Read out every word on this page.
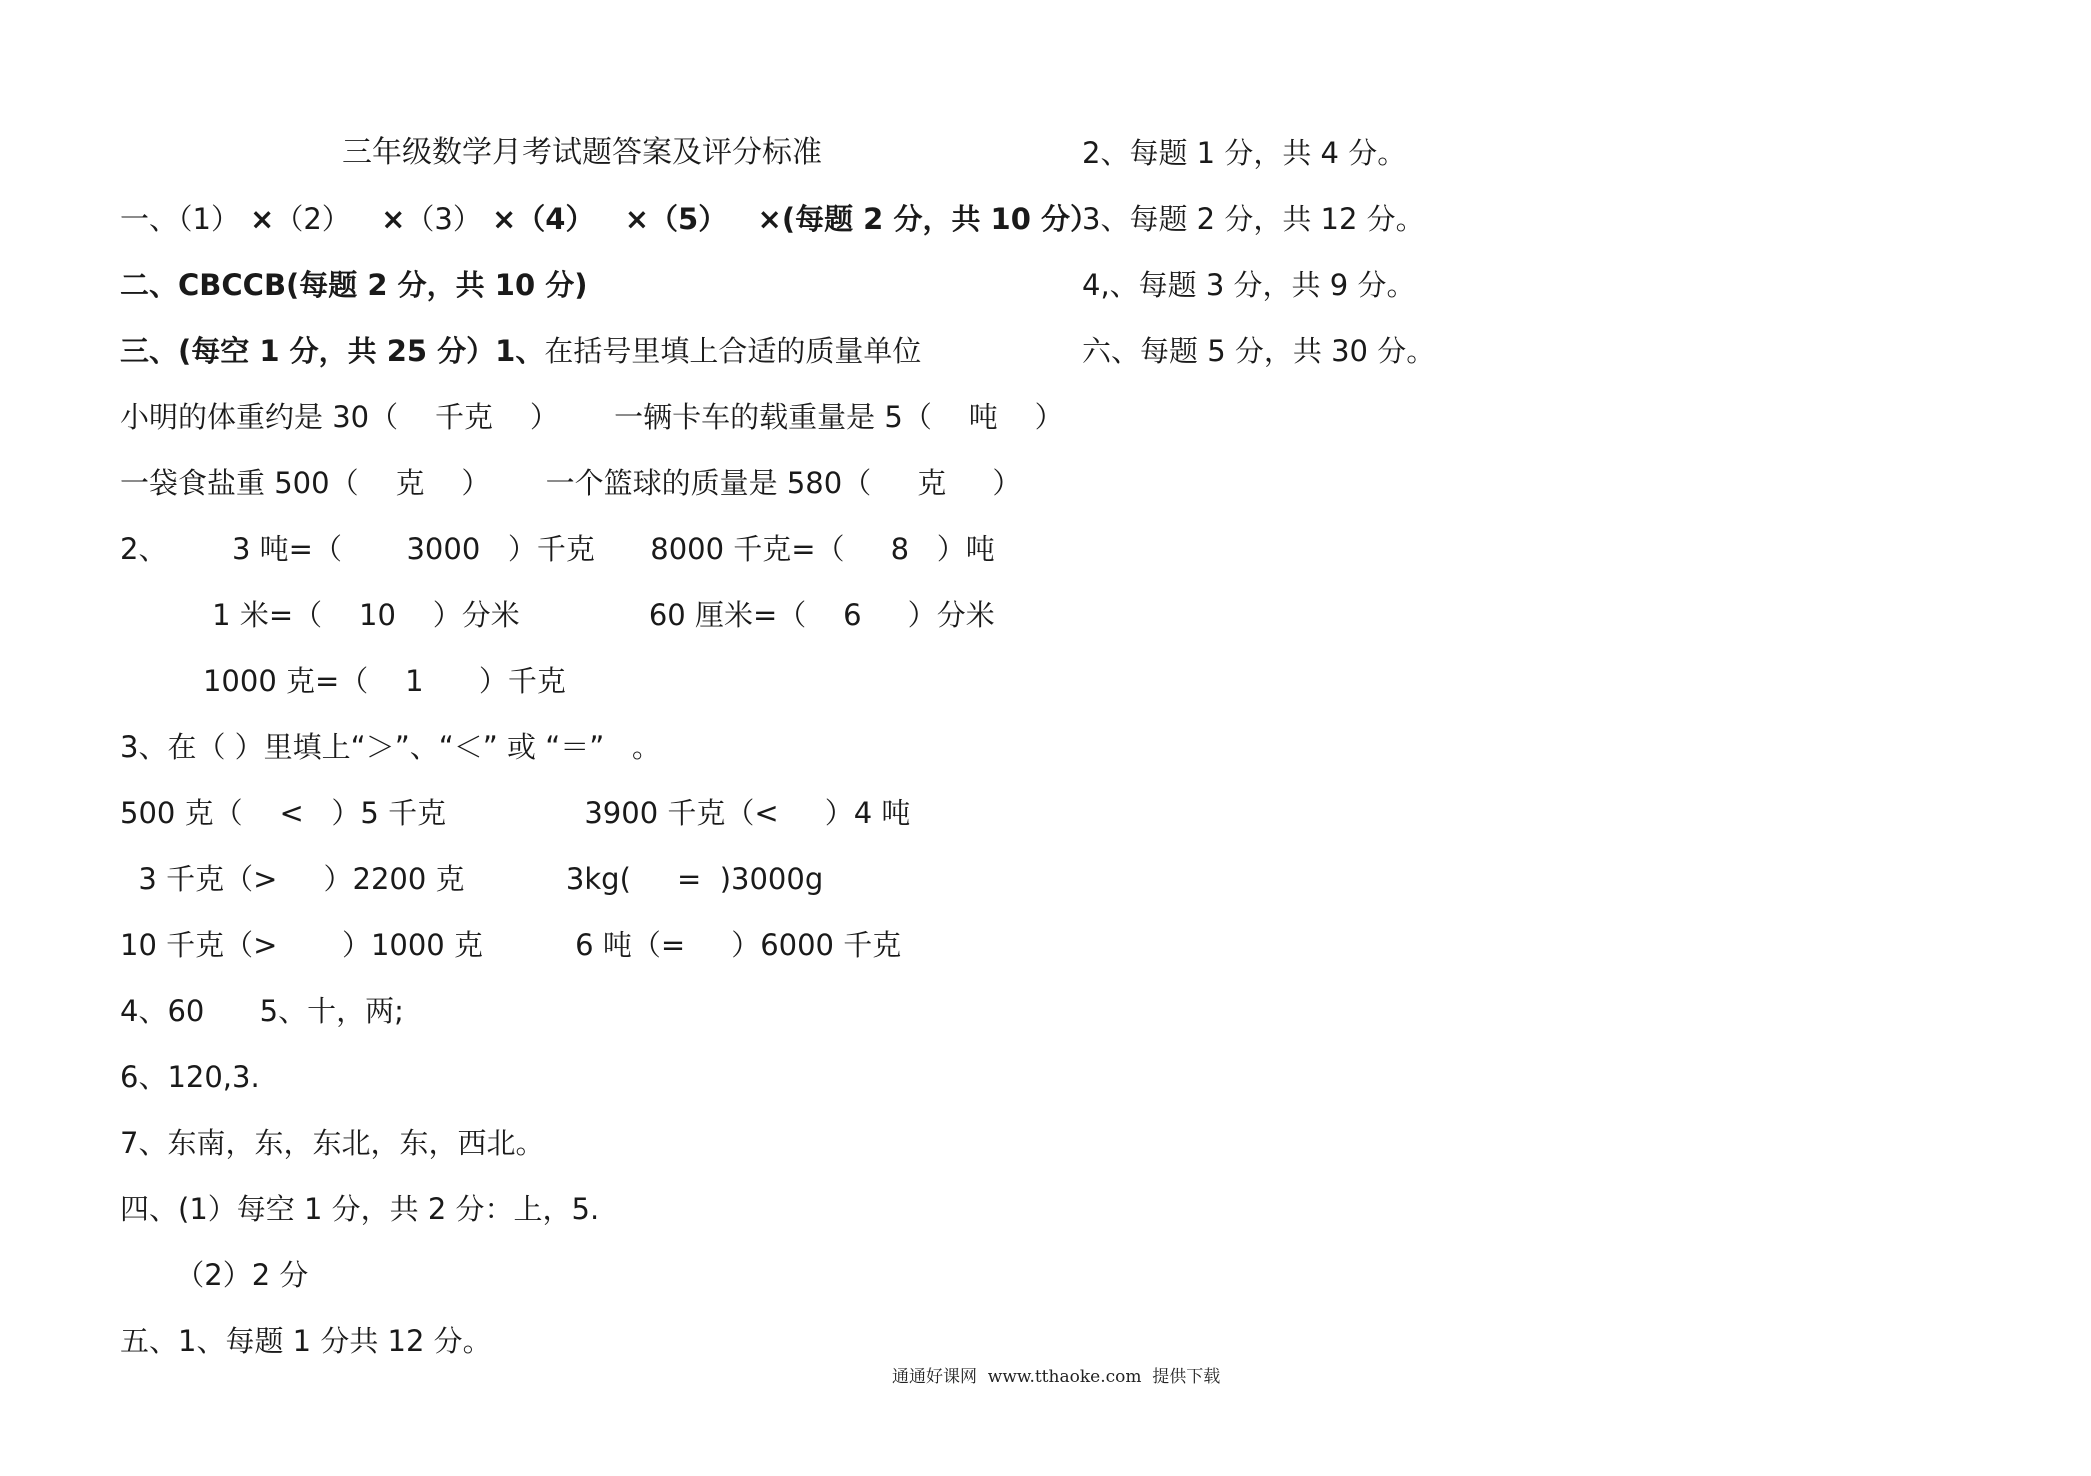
三年级数学月考试题答案及评分标准
一、（1） ×（2）   ×（3） ×（4）   ×（5）   ×(每题 2 分，共 10 分）
二、CBCCB(每题 2 分，共 10 分)
三、(每空 1 分，共 25 分）1、在括号里填上合适的质量单位
小明的体重约是 30（    千克    ）      一辆卡车的载重量是 5（    吨    ）
一袋食盐重 500（    克    ）      一个篮球的质量是 580（     克     ）
2、       3 吨=（       3000   ）千克      8000 千克=（     8   ）吨
1 米=（    10    ）分米              60 厘米=（    6     ）分米
1000 克=（    1      ）千克
3、在（ ）里填上“＞”、“＜” 或 “＝”   。
500 克（    <   ）5 千克               3900 千克（<     ）4 吨
3 千克（>     ）2200 克           3kg(     =  )3000g
10 千克（>       ）1000 克          6 吨（=     ）6000 千克
4、60      5、十，两;
6、120,3.
7、东南，东，东北，东，西北。
四、(1）每空 1 分，共 2 分：上，5.
（2）2 分
五、1、每题 1 分共 12 分。
2、每题 1 分，共 4 分。
3、每题 2 分，共 12 分。
4,、每题 3 分，共 9 分。
六、每题 5 分，共 30 分。
通通好课网  www.tthaoke.com  提供下载
